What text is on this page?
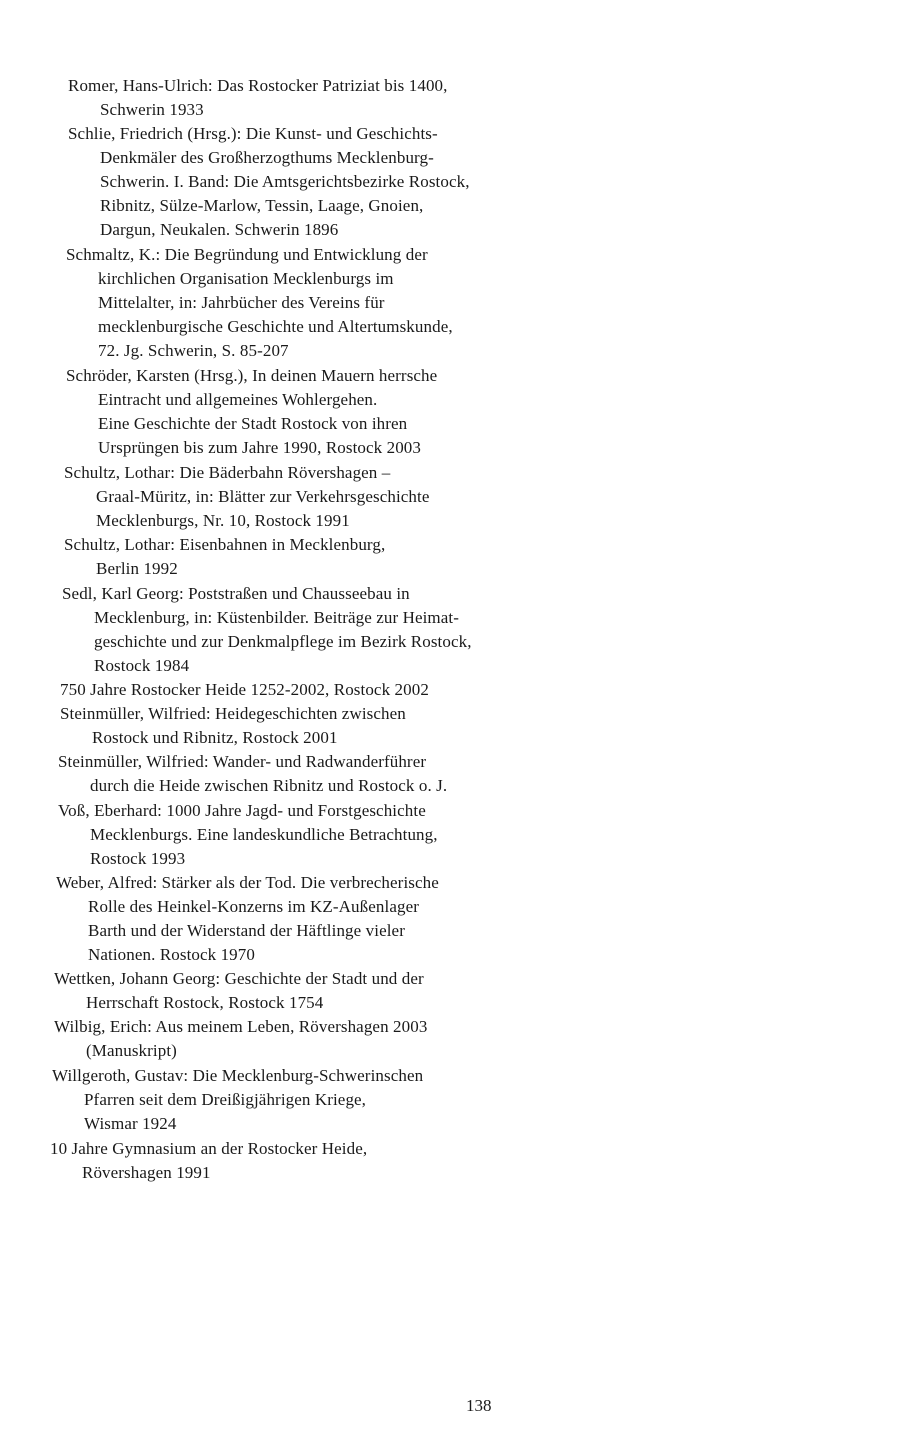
Romer, Hans-Ulrich: Das Rostocker Patriziat bis 1400,
Schwerin 1933
Schlie, Friedrich (Hrsg.): Die Kunst- und Geschichts-
Denkmäler des Großherzogthums Mecklenburg-
Schwerin. I. Band: Die Amtsgerichtsbezirke Rostock,
Ribnitz, Sülze-Marlow, Tessin, Laage, Gnoien,
Dargun, Neukalen. Schwerin 1896
Schmaltz, K.: Die Begründung und Entwicklung der
kirchlichen Organisation Mecklenburgs im
Mittelalter, in: Jahrbücher des Vereins für
mecklenburgische Geschichte und Altertumskunde,
72. Jg. Schwerin, S. 85-207
Schröder, Karsten (Hrsg.), In deinen Mauern herrsche
Eintracht und allgemeines Wohlergehen.
Eine Geschichte der Stadt Rostock von ihren
Ursprüngen bis zum Jahre 1990, Rostock 2003
Schultz, Lothar: Die Bäderbahn Rövershagen –
Graal-Müritz, in: Blätter zur Verkehrsgeschichte
Mecklenburgs, Nr. 10, Rostock 1991
Schultz, Lothar: Eisenbahnen in Mecklenburg,
Berlin 1992
Sedl, Karl Georg: Poststraßen und Chausseebau in
Mecklenburg, in: Küstenbilder. Beiträge zur Heimat-
geschichte und zur Denkmalpflege im Bezirk Rostock,
Rostock 1984
750 Jahre Rostocker Heide 1252-2002, Rostock 2002
Steinmüller, Wilfried: Heidegeschichten zwischen
Rostock und Ribnitz, Rostock 2001
Steinmüller, Wilfried: Wander- und Radwanderführer
durch die Heide zwischen Ribnitz und Rostock o. J.
Voß, Eberhard: 1000 Jahre Jagd- und Forstgeschichte
Mecklenburgs. Eine landeskundliche Betrachtung,
Rostock 1993
Weber, Alfred: Stärker als der Tod. Die verbrecherische
Rolle des Heinkel-Konzerns im KZ-Außenlager
Barth und der Widerstand der Häftlinge vieler
Nationen. Rostock 1970
Wettken, Johann Georg: Geschichte der Stadt und der
Herrschaft Rostock, Rostock 1754
Wilbig, Erich: Aus meinem Leben, Rövershagen 2003
(Manuskript)
Willgeroth, Gustav: Die Mecklenburg-Schwerinschen
Pfarren seit dem Dreißigjährigen Kriege,
Wismar 1924
10 Jahre Gymnasium an der Rostocker Heide,
Rövershagen 1991
138
